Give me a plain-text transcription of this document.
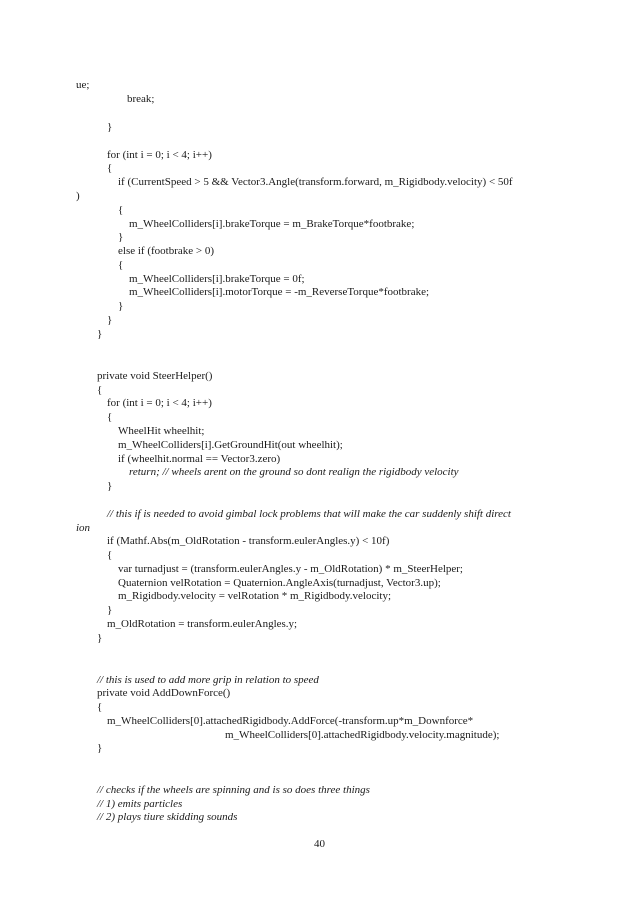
ue;
break;
}
for (int i = 0; i < 4; i++)
{
if (CurrentSpeed > 5 && Vector3.Angle(transform.forward, m_Rigidbody.velocity) < 50f
)
{
m_WheelColliders[i].brakeTorque = m_BrakeTorque*footbrake;
}
else if (footbrake > 0)
{
m_WheelColliders[i].brakeTorque = 0f;
m_WheelColliders[i].motorTorque = -m_ReverseTorque*footbrake;
}
}
}
private void SteerHelper()
{
for (int i = 0; i < 4; i++)
{
WheelHit wheelhit;
m_WheelColliders[i].GetGroundHit(out wheelhit);
if (wheelhit.normal == Vector3.zero)
return; // wheels arent on the ground so dont realign the rigidbody velocity
}
// this if is needed to avoid gimbal lock problems that will make the car suddenly shift direct
ion
if (Mathf.Abs(m_OldRotation - transform.eulerAngles.y) < 10f)
{
var turnadjust = (transform.eulerAngles.y - m_OldRotation) * m_SteerHelper;
Quaternion velRotation = Quaternion.AngleAxis(turnadjust, Vector3.up);
m_Rigidbody.velocity = velRotation * m_Rigidbody.velocity;
}
m_OldRotation = transform.eulerAngles.y;
}
// this is used to add more grip in relation to speed
private void AddDownForce()
{
m_WheelColliders[0].attachedRigidbody.AddForce(-transform.up*m_Downforce*
m_WheelColliders[0].attachedRigidbody.velocity.magnitude);
}
// checks if the wheels are spinning and is so does three things
// 1) emits particles
// 2) plays tiure skidding sounds
40
